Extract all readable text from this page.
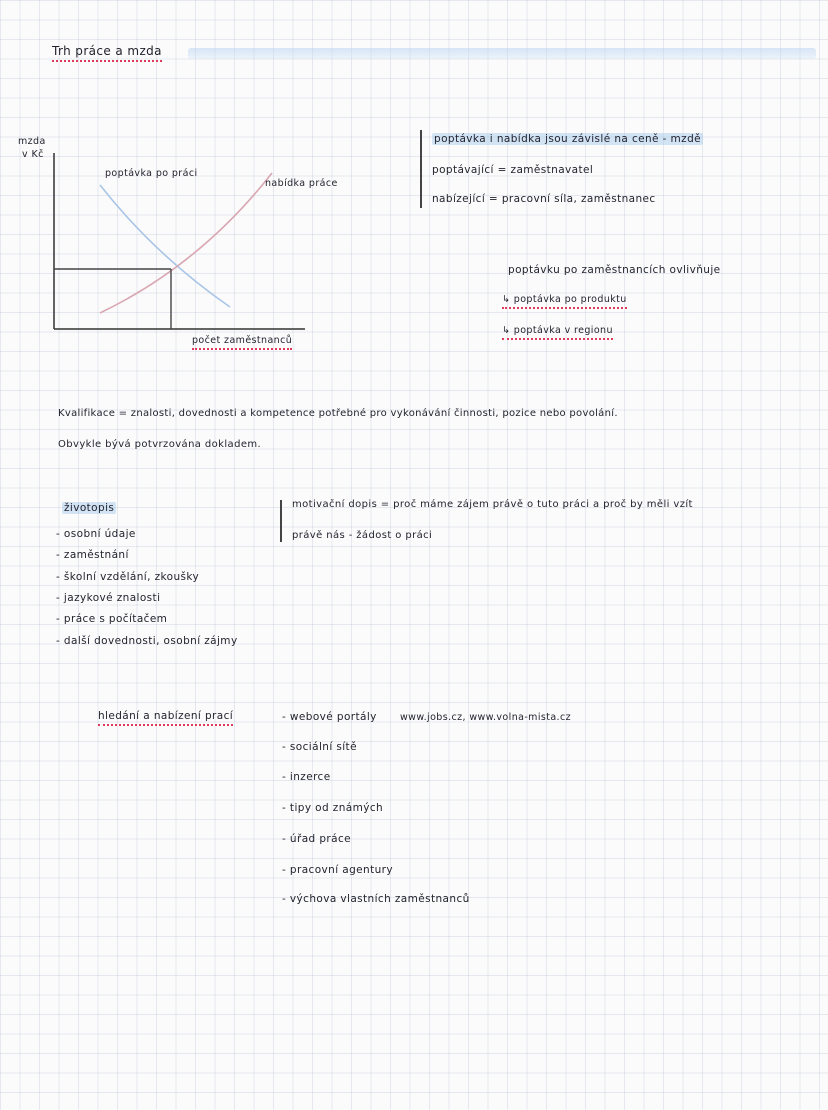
Trh práce a mzda
mzda
v Kč
poptávka po práci
nabídka práce
počet zaměstnanců
poptávka i nabídka jsou závislé na ceně - mzdě
poptávající = zaměstnavatel
nabízející = pracovní síla, zaměstnanec
poptávku po zaměstnancích ovlivňuje
↳ poptávka po produktu
↳ poptávka v regionu
Kvalifikace = znalosti, dovednosti a kompetence potřebné pro vykonávání činnosti, pozice nebo povolání.
Obvykle bývá potvrzována dokladem.
životopis
- osobní údaje
- zaměstnání
- školní vzdělání, zkoušky
- jazykové znalosti
- práce s počítačem
- další dovednosti, osobní zájmy
motivační dopis = proč máme zájem právě o tuto práci a proč by měli vzít
právě nás - žádost o práci
hledání a nabízení prací	- webové portály www.jobs.cz, www.volna-mista.cz
- sociální sítě
- inzerce
- tipy od známých
- úřad práce
- pracovní agentury
- výchova vlastních zaměstnanců
